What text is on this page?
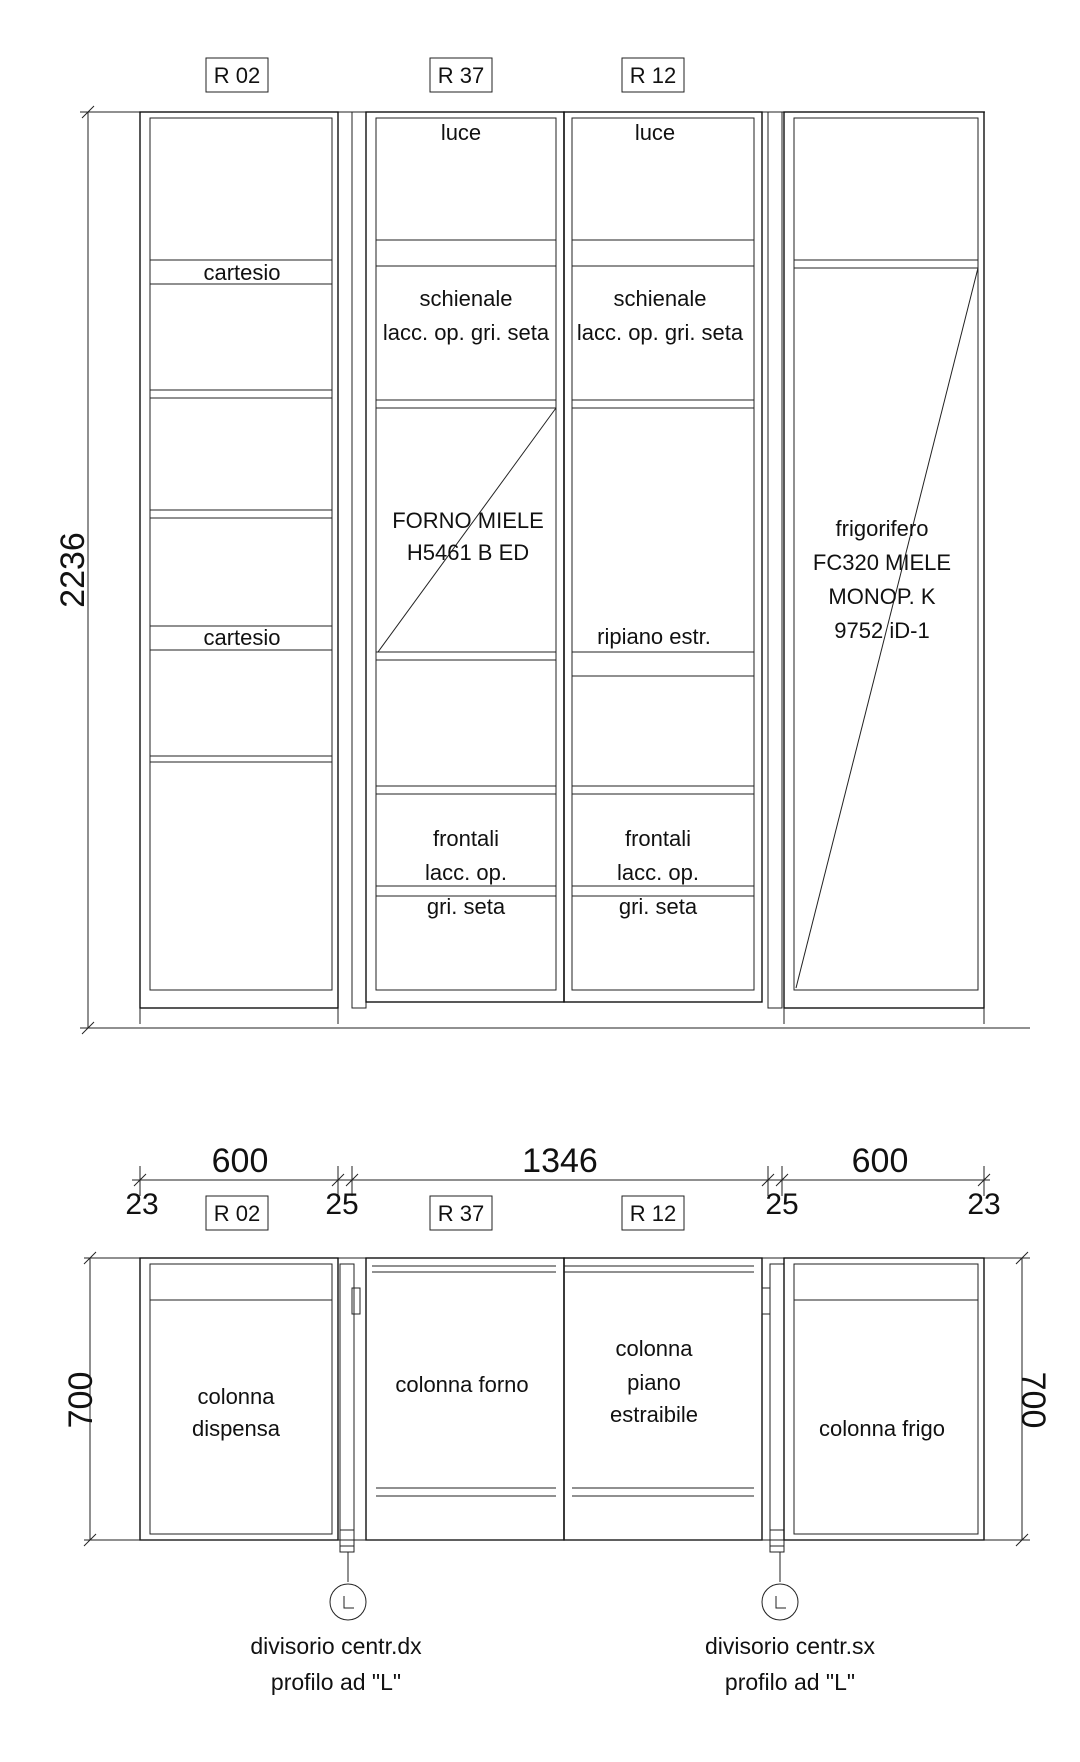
R 02	R 37	R 12
2236
cartesio
cartesio
luce
schienale
lacc. op. gri. seta
FORNO MIELE
H5461 B ED
frontali
lacc. op.
gri. seta
luce
schienale
lacc. op. gri. seta
ripiano estr.
frontali
lacc. op.
gri. seta
frigorifero
FC320 MIELE
MONOP. K
9752 iD-1
600	1346	600
23	25	25	23
R 02	R 37	R 12
700	700
colonna
dispensa
colonna forno
colonna
piano
estraibile
colonna frigo
divisorio centr.dx
profilo ad "L"
divisorio centr.sx
profilo ad "L"
